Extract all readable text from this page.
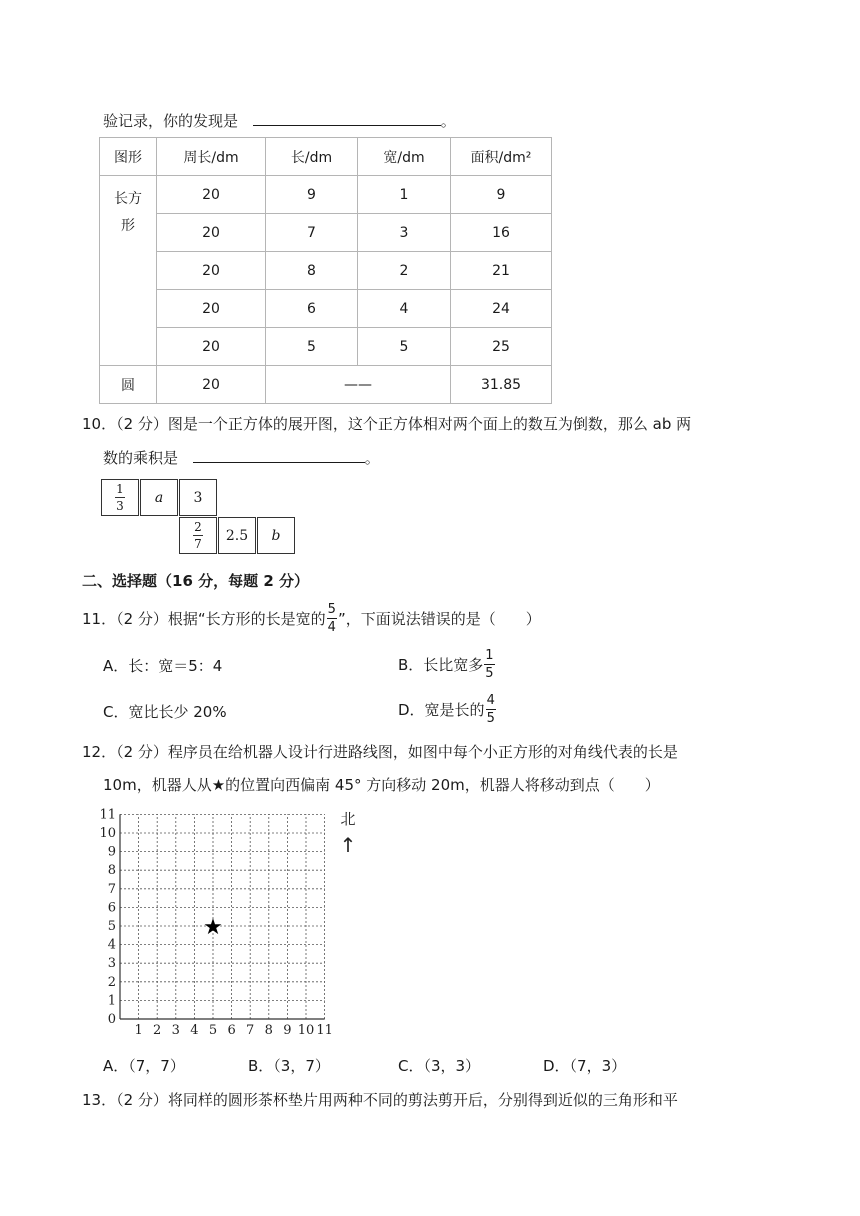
验记录，你的发现是	。
图形	周长/dm	长/dm	宽/dm	面积/dm²

长方
形	20	9	1	9
	20	7	3	16
	20	8	2	21
	20	6	4	24
	20	5	5	25
圆	20	——		31.85
10．（2 分）图是一个正方体的展开图，这个正方体相对两个面上的数互为倒数，那么 ab 两
数的乘积是	。
$\frac{1}{3}$	a	3
$\frac{2}{7}$	2.5	b
二、选择题（16 分，每题 2 分）
11．（2 分）根据“长方形的长是宽的 $\frac{5}{4}$ ”，下面说法错误的是（　　）
A．长：宽＝5：4	B．长比宽多 $\frac{1}{5}$
C．宽比长少 20%	D．宽是长的 $\frac{4}{5}$
12．（2 分）程序员在给机器人设计行进路线图，如图中每个小正方形的对角线代表的长是
10m，机器人从★的位置向西偏南 45° 方向移动 20m，机器人将移动到点（　　）
1 2 3 4 5 6 7 8 9 10 11
0
1
2
3
4
5
6
7
8
9
10
11
★
北
↑
A．（7，7）	B．（3，7）	C．（3，3）	D．（7，3）
13．（2 分）将同样的圆形茶杯垫片用两种不同的剪法剪开后，分别得到近似的三角形和平
